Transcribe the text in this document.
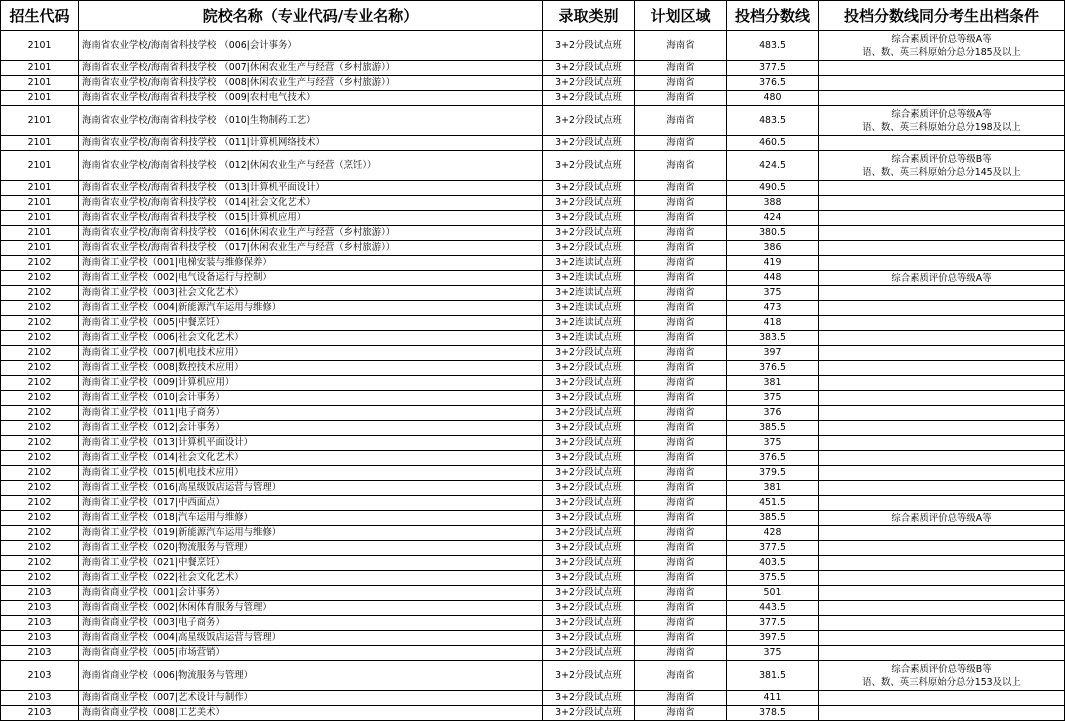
招生代码	院校名称（专业代码/专业名称）	录取类别	计划区域	投档分数线	投档分数线同分考生出档条件
2101	海南省农业学校/海南省科技学校 （006|会计事务）	3+2分段试点班	海南省	483.5	综合素质评价总等级A等
语、数、英三科原始分总分185及以上

2101	海南省农业学校/海南省科技学校 （007|休闲农业生产与经营（乡村旅游））	3+2分段试点班	海南省	377.5	

2101	海南省农业学校/海南省科技学校 （008|休闲农业生产与经营（乡村旅游））	3+2分段试点班	海南省	376.5	

2101	海南省农业学校/海南省科技学校 （009|农村电气技术）	3+2分段试点班	海南省	480	

2101	海南省农业学校/海南省科技学校 （010|生物制药工艺）	3+2分段试点班	海南省	483.5	综合素质评价总等级A等
语、数、英三科原始分总分198及以上

2101	海南省农业学校/海南省科技学校 （011|计算机网络技术）	3+2分段试点班	海南省	460.5	

2101	海南省农业学校/海南省科技学校 （012|休闲农业生产与经营（烹饪））	3+2分段试点班	海南省	424.5	综合素质评价总等级B等
语、数、英三科原始分总分145及以上

2101	海南省农业学校/海南省科技学校 （013|计算机平面设计）	3+2分段试点班	海南省	490.5	

2101	海南省农业学校/海南省科技学校 （014|社会文化艺术）	3+2分段试点班	海南省	388	

2101	海南省农业学校/海南省科技学校 （015|计算机应用）	3+2分段试点班	海南省	424	

2101	海南省农业学校/海南省科技学校 （016|休闲农业生产与经营（乡村旅游））	3+2分段试点班	海南省	380.5	

2101	海南省农业学校/海南省科技学校 （017|休闲农业生产与经营（乡村旅游））	3+2分段试点班	海南省	386	

2102	海南省工业学校（001|电梯安装与维修保养）	3+2连读试点班	海南省	419	

2102	海南省工业学校（002|电气设备运行与控制）	3+2连读试点班	海南省	448	综合素质评价总等级A等

2102	海南省工业学校（003|社会文化艺术）	3+2连读试点班	海南省	375	

2102	海南省工业学校（004|新能源汽车运用与维修）	3+2连读试点班	海南省	473	

2102	海南省工业学校（005|中餐烹饪）	3+2连读试点班	海南省	418	

2102	海南省工业学校（006|社会文化艺术）	3+2连读试点班	海南省	383.5	

2102	海南省工业学校（007|机电技术应用）	3+2分段试点班	海南省	397	

2102	海南省工业学校（008|数控技术应用）	3+2分段试点班	海南省	376.5	

2102	海南省工业学校（009|计算机应用）	3+2分段试点班	海南省	381	

2102	海南省工业学校（010|会计事务）	3+2分段试点班	海南省	375	

2102	海南省工业学校（011|电子商务）	3+2分段试点班	海南省	376	

2102	海南省工业学校（012|会计事务）	3+2分段试点班	海南省	385.5	

2102	海南省工业学校（013|计算机平面设计）	3+2分段试点班	海南省	375	

2102	海南省工业学校（014|社会文化艺术）	3+2分段试点班	海南省	376.5	

2102	海南省工业学校（015|机电技术应用）	3+2分段试点班	海南省	379.5	

2102	海南省工业学校（016|高星级饭店运营与管理）	3+2分段试点班	海南省	381	

2102	海南省工业学校（017|中西面点）	3+2分段试点班	海南省	451.5	

2102	海南省工业学校（018|汽车运用与维修）	3+2分段试点班	海南省	385.5	综合素质评价总等级A等

2102	海南省工业学校（019|新能源汽车运用与维修）	3+2分段试点班	海南省	428	

2102	海南省工业学校（020|物流服务与管理）	3+2分段试点班	海南省	377.5	

2102	海南省工业学校（021|中餐烹饪）	3+2分段试点班	海南省	403.5	

2102	海南省工业学校（022|社会文化艺术）	3+2分段试点班	海南省	375.5	

2103	海南省商业学校（001|会计事务）	3+2分段试点班	海南省	501	

2103	海南省商业学校（002|休闲体育服务与管理）	3+2分段试点班	海南省	443.5	

2103	海南省商业学校（003|电子商务）	3+2分段试点班	海南省	377.5	

2103	海南省商业学校（004|高星级饭店运营与管理）	3+2分段试点班	海南省	397.5	

2103	海南省商业学校（005|市场营销）	3+2分段试点班	海南省	375	

2103	海南省商业学校（006|物流服务与管理）	3+2分段试点班	海南省	381.5	综合素质评价总等级B等
语、数、英三科原始分总分153及以上

2103	海南省商业学校（007|艺术设计与制作）	3+2分段试点班	海南省	411	

2103	海南省商业学校（008|工艺美术）	3+2分段试点班	海南省	378.5	
